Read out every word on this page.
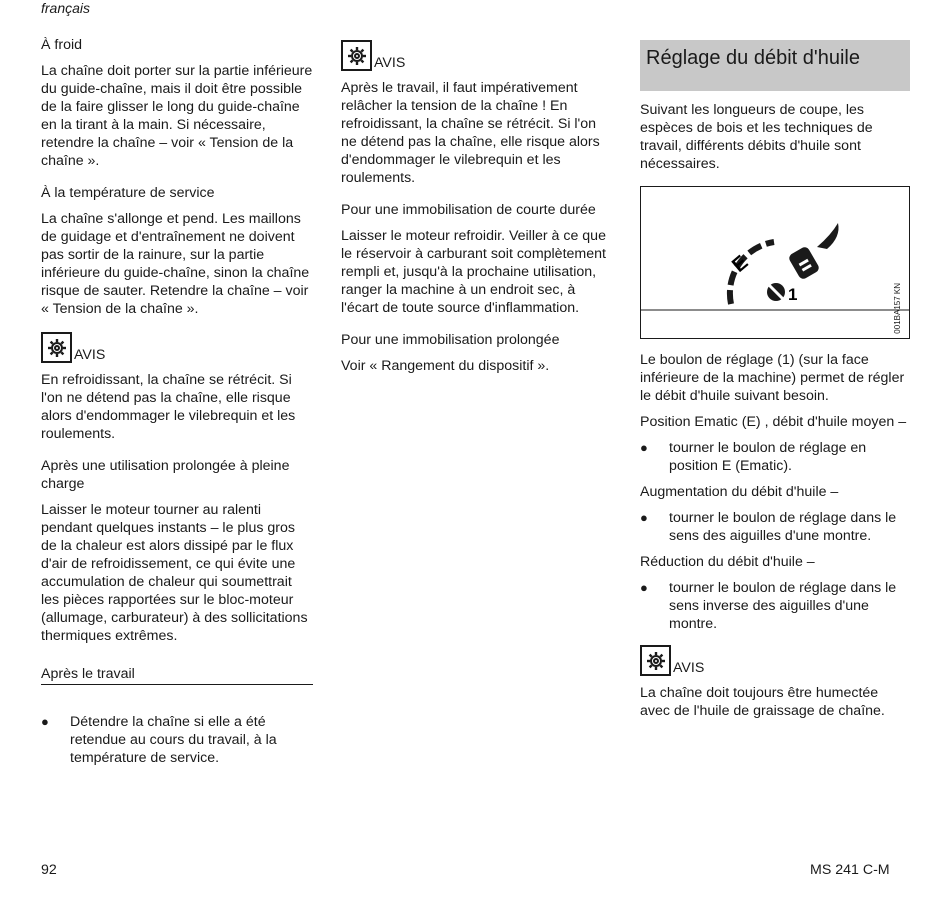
français
À froid
La chaîne doit porter sur la partie inférieure du guide-chaîne, mais il doit être possible de la faire glisser le long du guide-chaîne en la tirant à la main. Si nécessaire, retendre la chaîne – voir « Tension de la chaîne ».
À la température de service
La chaîne s'allonge et pend. Les maillons de guidage et d'entraînement ne doivent pas sortir de la rainure, sur la partie inférieure du guide-chaîne, sinon la chaîne risque de sauter. Retendre la chaîne – voir « Tension de la chaîne ».
AVIS
En refroidissant, la chaîne se rétrécit. Si l'on ne détend pas la chaîne, elle risque alors d'endommager le vilebrequin et les roulements.
Après une utilisation prolongée à pleine charge
Laisser le moteur tourner au ralenti pendant quelques instants – le plus gros de la chaleur est alors dissipé par le flux d'air de refroidissement, ce qui évite une accumulation de chaleur qui soumettrait les pièces rapportées sur le bloc-moteur (allumage, carburateur) à des sollicitations thermiques extrêmes.
Après le travail
●	Détendre la chaîne si elle a été retendue au cours du travail, à la température de service.
AVIS
Après le travail, il faut impérativement relâcher la tension de la chaîne ! En refroidissant, la chaîne se rétrécit. Si l'on ne détend pas la chaîne, elle risque alors d'endommager le vilebrequin et les roulements.
Pour une immobilisation de courte durée
Laisser le moteur refroidir. Veiller à ce que le réservoir à carburant soit complètement rempli et, jusqu'à la prochaine utilisation, ranger la machine à un endroit sec, à l'écart de toute source d'inflammation.
Pour une immobilisation prolongée
Voir « Rangement du dispositif ».
Réglage du débit d'huile
Suivant les longueurs de coupe, les espèces de bois et les techniques de travail, différents débits d'huile sont nécessaires.
E
1	001BA157 KN
Le boulon de réglage (1) (sur la face inférieure de la machine) permet de régler le débit d'huile suivant besoin.
Position Ematic (E) , débit d'huile moyen –
●	tourner le boulon de réglage en position E (Ematic).
Augmentation du débit d'huile –
●	tourner le boulon de réglage dans le sens des aiguilles d'une montre.
Réduction du débit d'huile –
●	tourner le boulon de réglage dans le sens inverse des aiguilles d'une montre.
AVIS
La chaîne doit toujours être humectée avec de l'huile de graissage de chaîne.
92	MS 241 C-M
